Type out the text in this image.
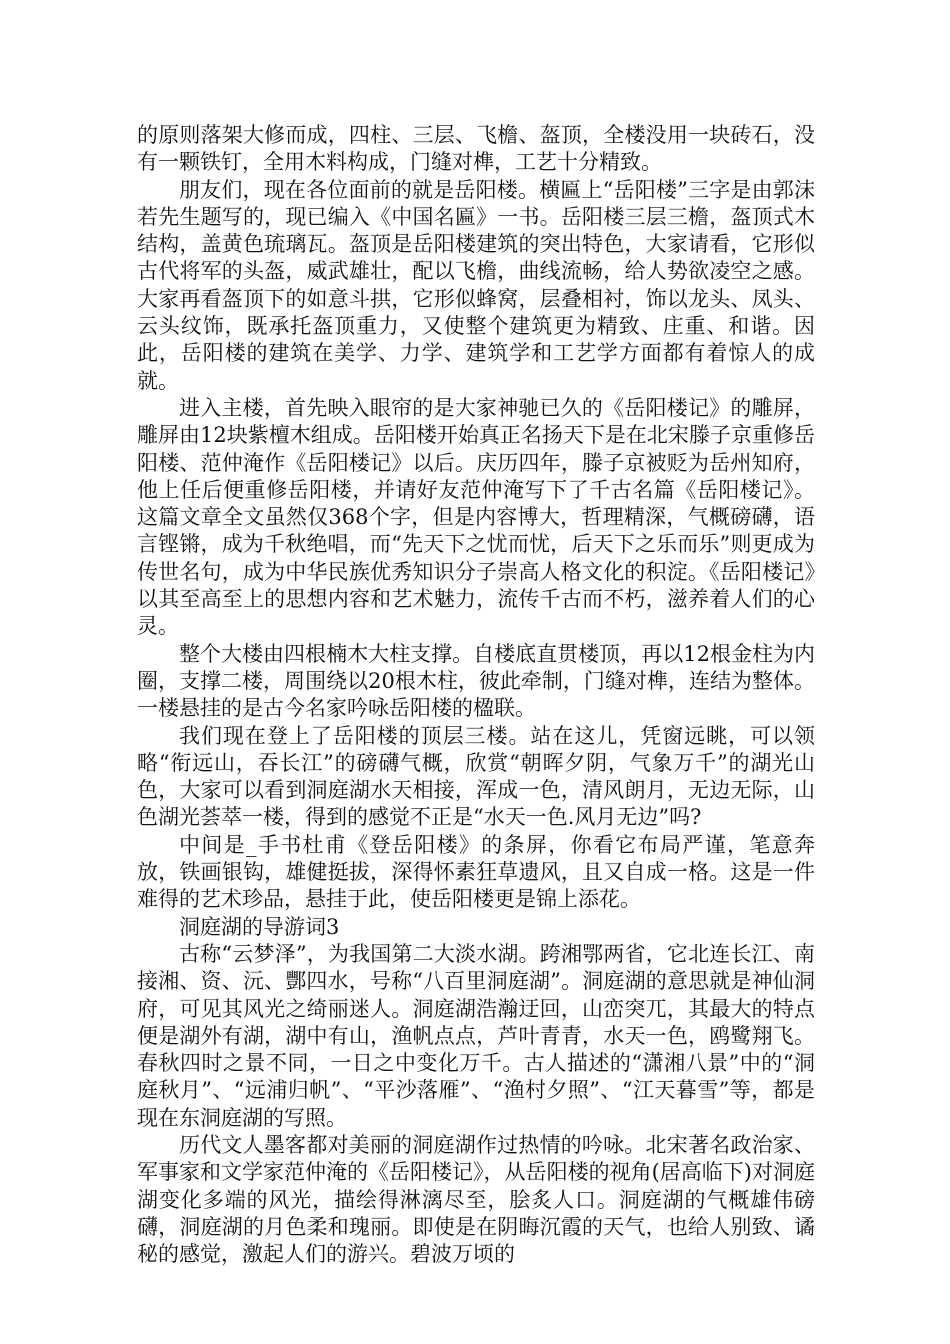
的原则落架大修而成，四柱、三层、飞檐、盔顶，全楼没用一块砖石，没有一颗铁钉，全用木料构成，门缝对榫，工艺十分精致。

朋友们，现在各位面前的就是岳阳楼。横匾上“岳阳楼”三字是由郭沫若先生题写的，现已编入《中国名匾》一书。岳阳楼三层三檐，盔顶式木结构，盖黄色琉璃瓦。盔顶是岳阳楼建筑的突出特色，大家请看，它形似古代将军的头盔，威武雄壮，配以飞檐，曲线流畅，给人势欲凌空之感。大家再看盔顶下的如意斗拱，它形似蜂窝，层叠相衬，饰以龙头、凤头、云头纹饰，既承托盔顶重力，又使整个建筑更为精致、庄重、和谐。因此，岳阳楼的建筑在美学、力学、建筑学和工艺学方面都有着惊人的成就。

进入主楼，首先映入眼帘的是大家神驰已久的《岳阳楼记》的雕屏，雕屏由12块紫檀木组成。岳阳楼开始真正名扬天下是在北宋滕子京重修岳阳楼、范仲淹作《岳阳楼记》以后。庆历四年，滕子京被贬为岳州知府，他上任后便重修岳阳楼，并请好友范仲淹写下了千古名篇《岳阳楼记》。这篇文章全文虽然仅368个字，但是内容博大，哲理精深，气概磅礴，语言铿锵，成为千秋绝唱，而“先天下之忧而忧，后天下之乐而乐”则更成为传世名句，成为中华民族优秀知识分子崇高人格文化的积淀。《岳阳楼记》以其至高至上的思想内容和艺术魅力，流传千古而不朽，滋养着人们的心灵。

整个大楼由四根楠木大柱支撑。自楼底直贯楼顶，再以12根金柱为内圈，支撑二楼，周围绕以20根木柱，彼此牵制，门缝对榫，连结为整体。一楼悬挂的是古今名家吟咏岳阳楼的楹联。

我们现在登上了岳阳楼的顶层三楼。站在这儿，凭窗远眺，可以领略“衔远山，吞长江”的磅礴气概，欣赏“朝晖夕阴，气象万千”的湖光山色，大家可以看到洞庭湖水天相接，浑成一色，清风朗月，无边无际，山色湖光荟萃一楼，得到的感觉不正是“水天一色.风月无边”吗?

中间是_手书杜甫《登岳阳楼》的条屏，你看它布局严谨，笔意奔放，铁画银钩，雄健挺拔，深得怀素狂草遗风，且又自成一格。这是一件难得的艺术珍品，悬挂于此，使岳阳楼更是锦上添花。

洞庭湖的导游词3

古称“云梦泽”，为我国第二大淡水湖。跨湘鄂两省，它北连长江、南接湘、资、沅、酆四水，号称“八百里洞庭湖”。洞庭湖的意思就是神仙洞府，可见其风光之绮丽迷人。洞庭湖浩瀚迂回，山峦突兀，其最大的特点便是湖外有湖，湖中有山，渔帆点点，芦叶青青，水天一色，鸥鹭翔飞。春秋四时之景不同，一日之中变化万千。古人描述的“潇湘八景”中的“洞庭秋月”、“远浦归帆”、“平沙落雁”、“渔村夕照”、“江天暮雪”等，都是现在东洞庭湖的写照。

历代文人墨客都对美丽的洞庭湖作过热情的吟咏。北宋著名政治家、军事家和文学家范仲淹的《岳阳楼记》，从岳阳楼的视角(居高临下)对洞庭湖变化多端的风光，描绘得淋漓尽至，脍炙人口。洞庭湖的气概雄伟磅礴，洞庭湖的月色柔和瑰丽。即使是在阴晦沉霞的天气，也给人别致、谲秘的感觉，激起人们的游兴。碧波万顷的
